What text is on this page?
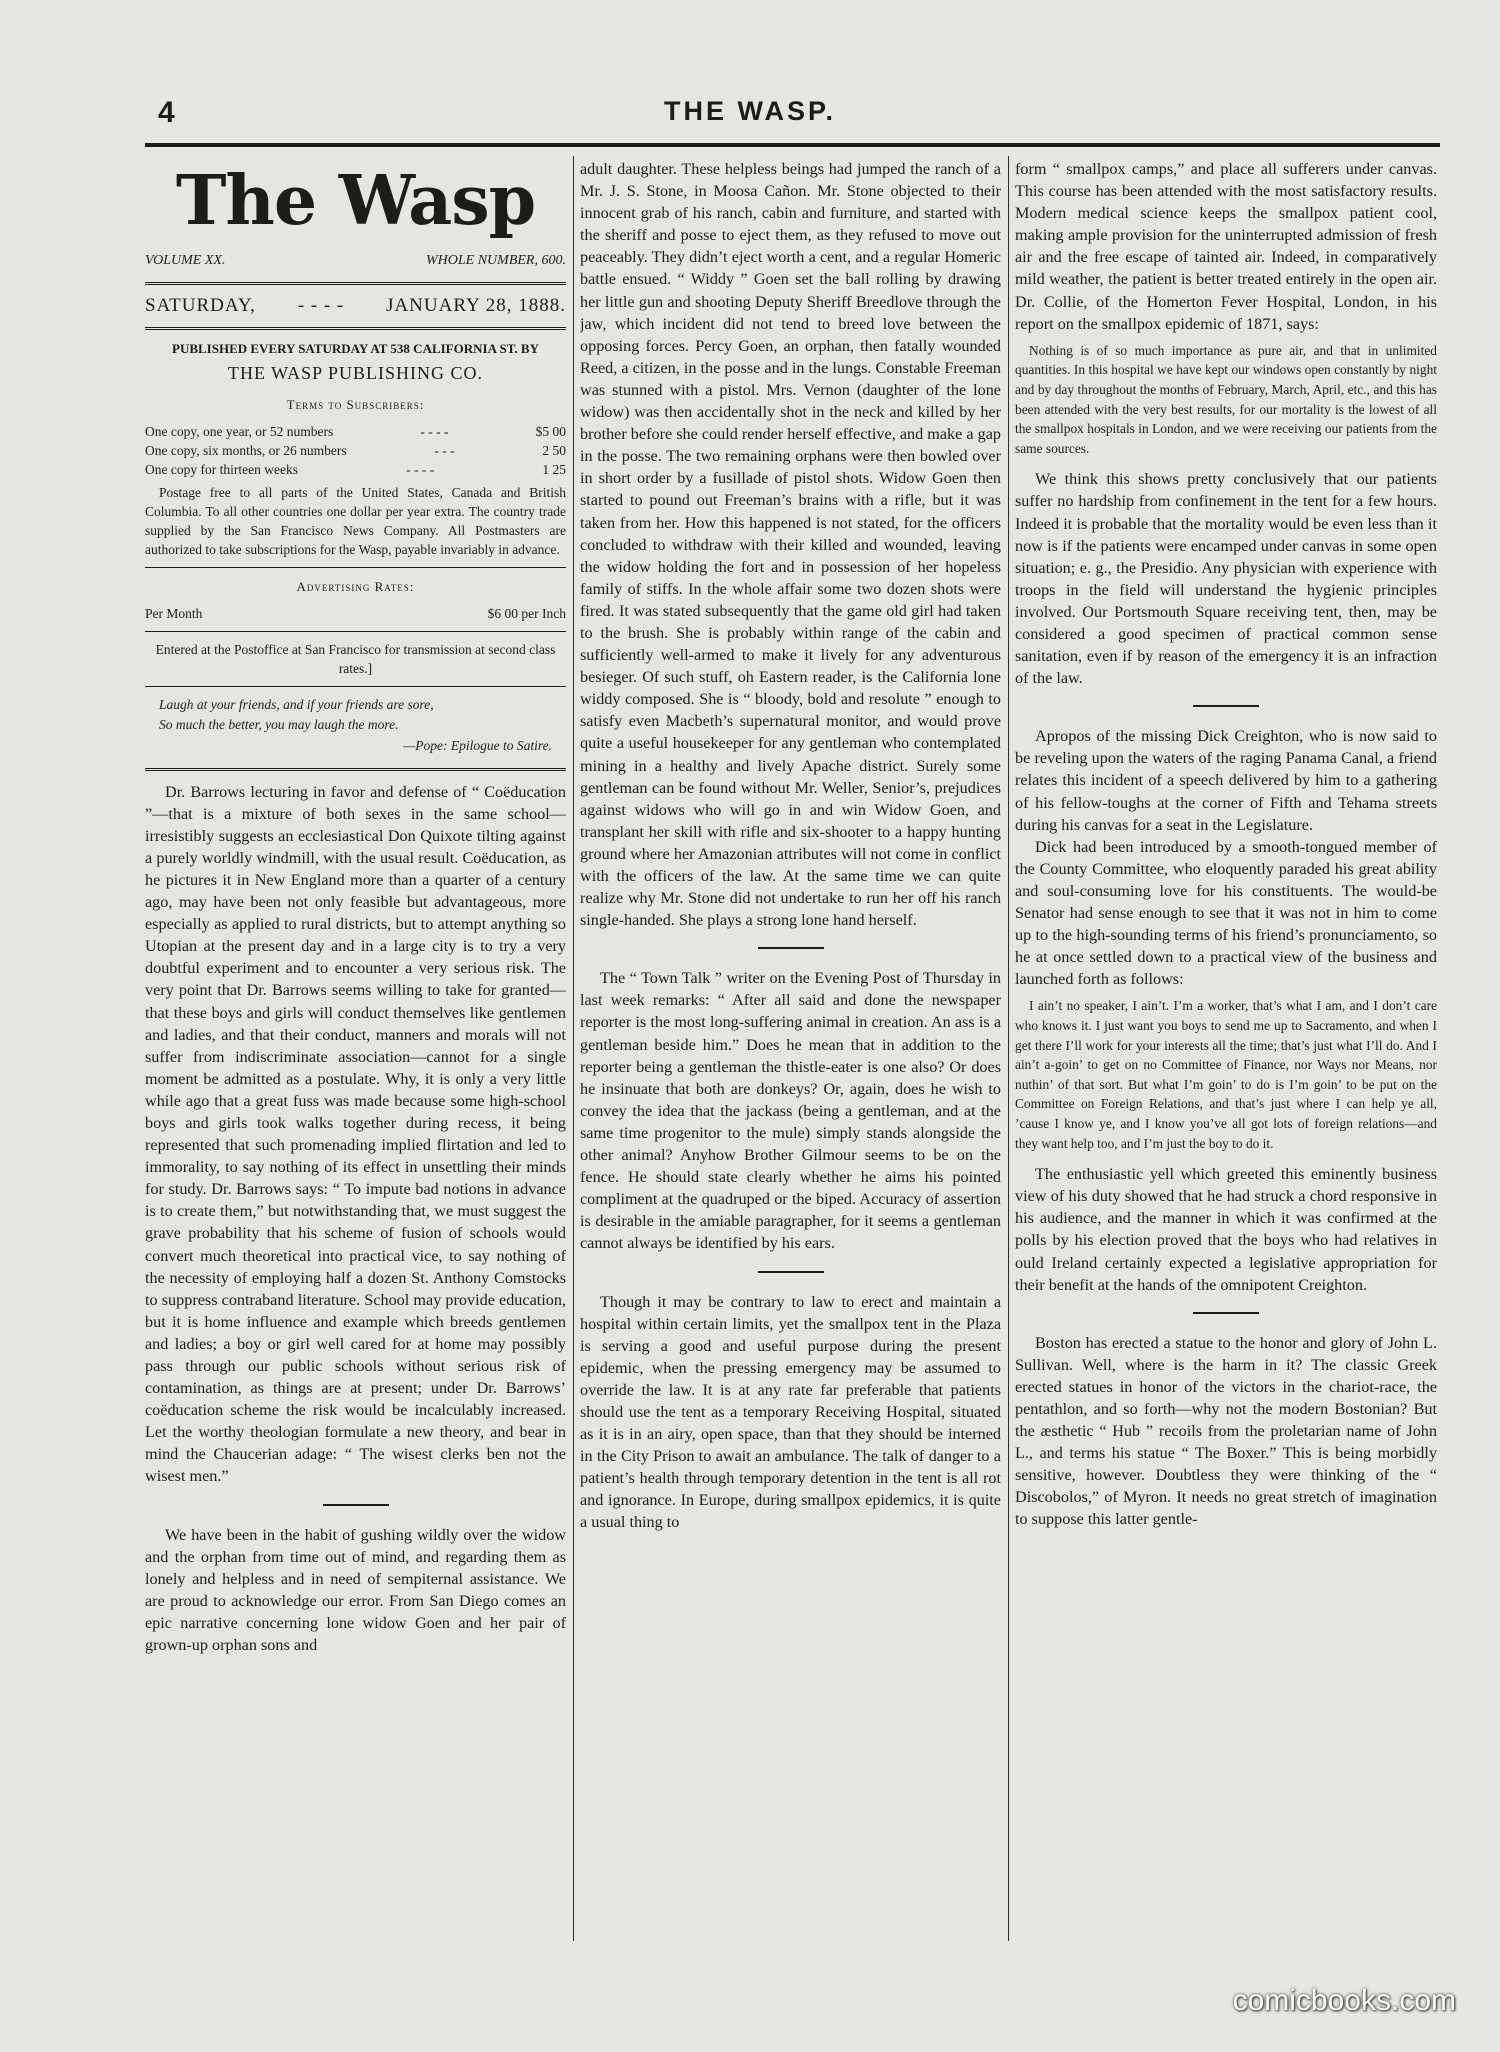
4	THE WASP.
The Wasp
VOLUME XX.	WHOLE NUMBER, 600.
SATURDAY, - - - - JANUARY 28, 1888.
PUBLISHED EVERY SATURDAY AT 538 CALIFORNIA ST. BY
THE WASP PUBLISHING CO.
Terms to Subscribers:
One copy, one year, or 52 numbers	- - - -	$5 00
One copy, six months, or 26 numbers	- - -	2 50
One copy for thirteen weeks	- - - -	1 25
Postage free to all parts of the United States, Canada and British Columbia. To all other countries one dollar per year extra. The country trade supplied by the San Francisco News Company. All Postmasters are authorized to take subscriptions for the Wasp, payable invariably in advance.
Advertising Rates:
Per Month	$6 00 per Inch
Entered at the Postoffice at San Francisco for transmission at second class rates.]
Laugh at your friends, and if your friends are sore,
So much the better, you may laugh the more.
—Pope: Epilogue to Satire.

Dr. Barrows lecturing in favor and defense of “ Coëducation ”—that is a mixture of both sexes in the same school—irresistibly suggests an ecclesiastical Don Quixote tilting against a purely worldly windmill, with the usual result. Coëducation, as he pictures it in New England more than a quarter of a century ago, may have been not only feasible but advantageous, more especially as applied to rural districts, but to attempt anything so Utopian at the present day and in a large city is to try a very doubtful experiment and to encounter a very serious risk. The very point that Dr. Barrows seems willing to take for granted—that these boys and girls will conduct themselves like gentlemen and ladies, and that their conduct, manners and morals will not suffer from indiscriminate association—cannot for a single moment be admitted as a postulate. Why, it is only a very little while ago that a great fuss was made because some high-school boys and girls took walks together during recess, it being represented that such promenading implied flirtation and led to immorality, to say nothing of its effect in unsettling their minds for study. Dr. Barrows says: “ To impute bad notions in advance is to create them,” but notwithstanding that, we must suggest the grave probability that his scheme of fusion of schools would convert much theoretical into practical vice, to say nothing of the necessity of employing half a dozen St. Anthony Comstocks to suppress contraband literature. School may provide education, but it is home influence and example which breeds gentlemen and ladies; a boy or girl well cared for at home may possibly pass through our public schools without serious risk of contamination, as things are at present; under Dr. Barrows’ coëducation scheme the risk would be incalculably increased. Let the worthy theologian formulate a new theory, and bear in mind the Chaucerian adage: “ The wisest clerks ben not the wisest men.”

We have been in the habit of gushing wildly over the widow and the orphan from time out of mind, and regarding them as lonely and helpless and in need of sempiternal assistance. We are proud to acknowledge our error. From San Diego comes an epic narrative concerning lone widow Goen and her pair of grown-up orphan sons and

adult daughter. These helpless beings had jumped the ranch of a Mr. J. S. Stone, in Moosa Cañon. Mr. Stone objected to their innocent grab of his ranch, cabin and furniture, and started with the sheriff and posse to eject them, as they refused to move out peaceably. They didn’t eject worth a cent, and a regular Homeric battle ensued. “ Widdy ” Goen set the ball rolling by drawing her little gun and shooting Deputy Sheriff Breedlove through the jaw, which incident did not tend to breed love between the opposing forces. Percy Goen, an orphan, then fatally wounded Reed, a citizen, in the posse and in the lungs. Constable Freeman was stunned with a pistol. Mrs. Vernon (daughter of the lone widow) was then accidentally shot in the neck and killed by her brother before she could render herself effective, and make a gap in the posse. The two remaining orphans were then bowled over in short order by a fusillade of pistol shots. Widow Goen then started to pound out Freeman’s brains with a rifle, but it was taken from her. How this happened is not stated, for the officers concluded to withdraw with their killed and wounded, leaving the widow holding the fort and in possession of her hopeless family of stiffs. In the whole affair some two dozen shots were fired. It was stated subsequently that the game old girl had taken to the brush. She is probably within range of the cabin and sufficiently well-armed to make it lively for any adventurous besieger. Of such stuff, oh Eastern reader, is the California lone widdy composed. She is “ bloody, bold and resolute ” enough to satisfy even Macbeth’s supernatural monitor, and would prove quite a useful housekeeper for any gentleman who contemplated mining in a healthy and lively Apache district. Surely some gentleman can be found without Mr. Weller, Senior’s, prejudices against widows who will go in and win Widow Goen, and transplant her skill with rifle and six-shooter to a happy hunting ground where her Amazonian attributes will not come in conflict with the officers of the law. At the same time we can quite realize why Mr. Stone did not undertake to run her off his ranch single-handed. She plays a strong lone hand herself.

The “ Town Talk ” writer on the Evening Post of Thursday in last week remarks: “ After all said and done the newspaper reporter is the most long-suffering animal in creation. An ass is a gentleman beside him.” Does he mean that in addition to the reporter being a gentleman the thistle-eater is one also? Or does he insinuate that both are donkeys? Or, again, does he wish to convey the idea that the jackass (being a gentleman, and at the same time progenitor to the mule) simply stands alongside the other animal? Anyhow Brother Gilmour seems to be on the fence. He should state clearly whether he aims his pointed compliment at the quadruped or the biped. Accuracy of assertion is desirable in the amiable paragrapher, for it seems a gentleman cannot always be identified by his ears.

Though it may be contrary to law to erect and maintain a hospital within certain limits, yet the smallpox tent in the Plaza is serving a good and useful purpose during the present epidemic, when the pressing emergency may be assumed to override the law. It is at any rate far preferable that patients should use the tent as a temporary Receiving Hospital, situated as it is in an airy, open space, than that they should be interned in the City Prison to await an ambulance. The talk of danger to a patient’s health through temporary detention in the tent is all rot and ignorance. In Europe, during smallpox epidemics, it is quite a usual thing to

form “ smallpox camps,” and place all sufferers under canvas. This course has been attended with the most satisfactory results. Modern medical science keeps the smallpox patient cool, making ample provision for the uninterrupted admission of fresh air and the free escape of tainted air. Indeed, in comparatively mild weather, the patient is better treated entirely in the open air. Dr. Collie, of the Homerton Fever Hospital, London, in his report on the smallpox epidemic of 1871, says:

Nothing is of so much importance as pure air, and that in unlimited quantities. In this hospital we have kept our windows open constantly by night and by day throughout the months of February, March, April, etc., and this has been attended with the very best results, for our mortality is the lowest of all the smallpox hospitals in London, and we were receiving our patients from the same sources.

We think this shows pretty conclusively that our patients suffer no hardship from confinement in the tent for a few hours. Indeed it is probable that the mortality would be even less than it now is if the patients were encamped under canvas in some open situation; e. g., the Presidio. Any physician with experience with troops in the field will understand the hygienic principles involved. Our Portsmouth Square receiving tent, then, may be considered a good specimen of practical common sense sanitation, even if by reason of the emergency it is an infraction of the law.

Apropos of the missing Dick Creighton, who is now said to be reveling upon the waters of the raging Panama Canal, a friend relates this incident of a speech delivered by him to a gathering of his fellow-toughs at the corner of Fifth and Tehama streets during his canvas for a seat in the Legislature.

Dick had been introduced by a smooth-tongued member of the County Committee, who eloquently paraded his great ability and soul-consuming love for his constituents. The would-be Senator had sense enough to see that it was not in him to come up to the high-sounding terms of his friend’s pronunciamento, so he at once settled down to a practical view of the business and launched forth as follows:

I ain’t no speaker, I ain’t. I’m a worker, that’s what I am, and I don’t care who knows it. I just want you boys to send me up to Sacramento, and when I get there I’ll work for your interests all the time; that’s just what I’ll do. And I ain’t a-goin’ to get on no Committee of Finance, nor Ways nor Means, nor nuthin’ of that sort. But what I’m goin’ to do is I’m goin’ to be put on the Committee on Foreign Relations, and that’s just where I can help ye all, ’cause I know ye, and I know you’ve all got lots of foreign relations—and they want help too, and I’m just the boy to do it.

The enthusiastic yell which greeted this eminently business view of his duty showed that he had struck a chord responsive in his audience, and the manner in which it was confirmed at the polls by his election proved that the boys who had relatives in ould Ireland certainly expected a legislative appropriation for their benefit at the hands of the omnipotent Creighton.

Boston has erected a statue to the honor and glory of John L. Sullivan. Well, where is the harm in it? The classic Greek erected statues in honor of the victors in the chariot-race, the pentathlon, and so forth—why not the modern Bostonian? But the æsthetic “ Hub ” recoils from the proletarian name of John L., and terms his statue “ The Boxer.” This is being morbidly sensitive, however. Doubtless they were thinking of the “ Discobolos,” of Myron. It needs no great stretch of imagination to suppose this latter gentle-

comicbooks.com
